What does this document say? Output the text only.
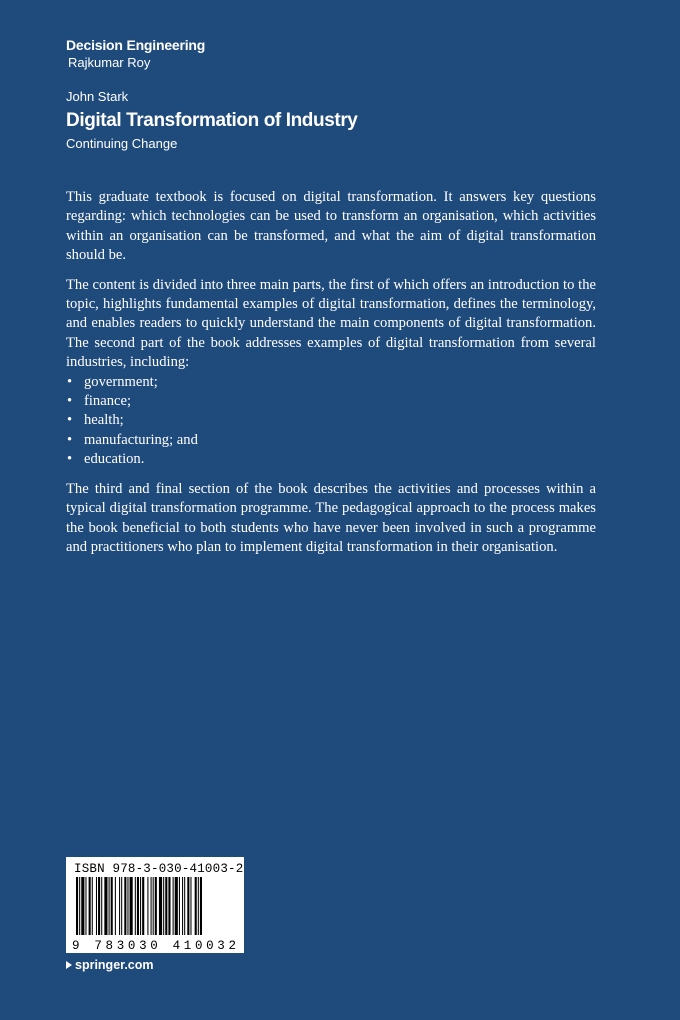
Decision Engineering
Rajkumar Roy
John Stark
Digital Transformation of Industry
Continuing Change

This graduate textbook is focused on digital transformation. It answers key questions regarding: which technologies can be used to transform an organisation, which activities within an organisation can be transformed, and what the aim of digital transformation should be.

The content is divided into three main parts, the first of which offers an introduction to the topic, highlights fundamental examples of digital transformation, defines the terminology, and enables readers to quickly understand the main components of digital transformation. The second part of the book addresses examples of digital transformation from several industries, including:

• government;
• finance;
• health;
• manufacturing; and
• education.

The third and final section of the book describes the activities and processes within a typical digital transformation programme. The pedagogical approach to the process makes the book beneficial to both students who have never been involved in such a programme and practitioners who plan to implement digital transformation in their organisation.

ISBN 978-3-030-41003-2
9 783030 410032
springer.com
